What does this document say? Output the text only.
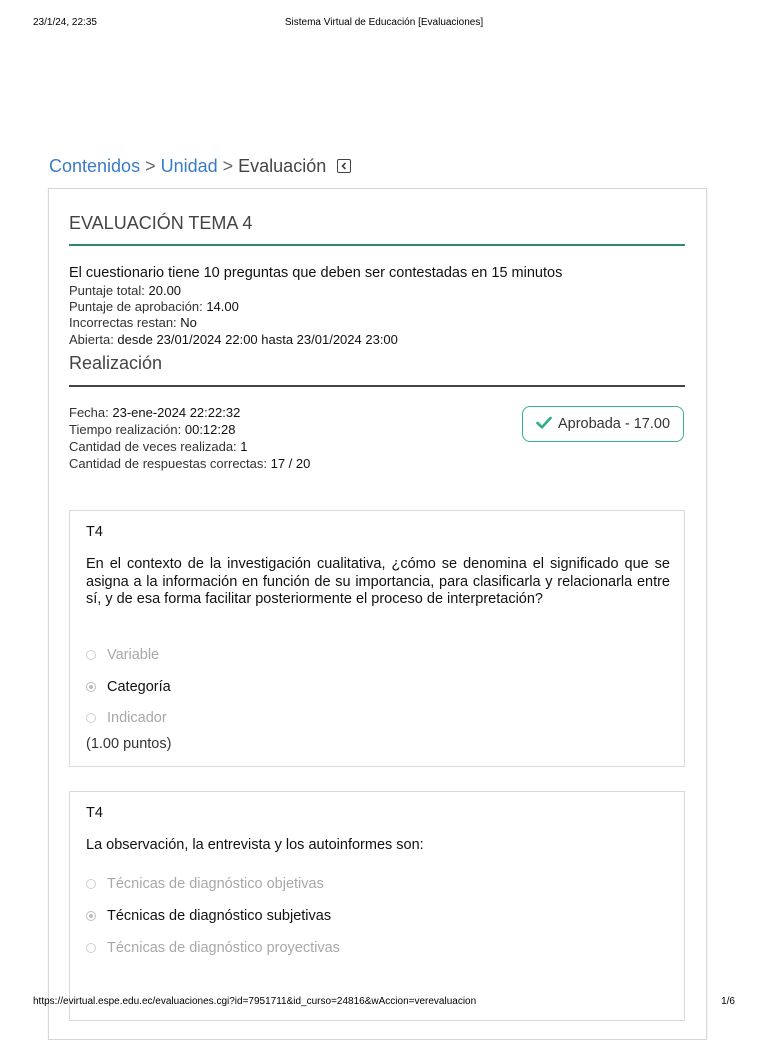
23/1/24, 22:35	Sistema Virtual de Educación [Evaluaciones]
Contenidos > Unidad > Evaluación
EVALUACIÓN TEMA 4
El cuestionario tiene 10 preguntas que deben ser contestadas en 15 minutos
Puntaje total: 20.00
Puntaje de aprobación: 14.00
Incorrectas restan: No
Abierta: desde 23/01/2024 22:00 hasta 23/01/2024 23:00
Realización
Fecha: 23-ene-2024 22:22:32
Tiempo realización: 00:12:28
Cantidad de veces realizada: 1
Cantidad de respuestas correctas: 17 / 20
Aprobada - 17.00
T4
En el contexto de la investigación cualitativa, ¿cómo se denomina el significado que se asigna a la información en función de su importancia, para clasificarla y relacionarla entre sí, y de esa forma facilitar posteriormente el proceso de interpretación?
Variable
Categoría
Indicador
(1.00 puntos)
T4
La observación, la entrevista y los autoinformes son:
Técnicas de diagnóstico objetivas
Técnicas de diagnóstico subjetivas
Técnicas de diagnóstico proyectivas
https://evirtual.espe.edu.ec/evaluaciones.cgi?id=7951711&id_curso=24816&wAccion=verevaluacion	1/6
